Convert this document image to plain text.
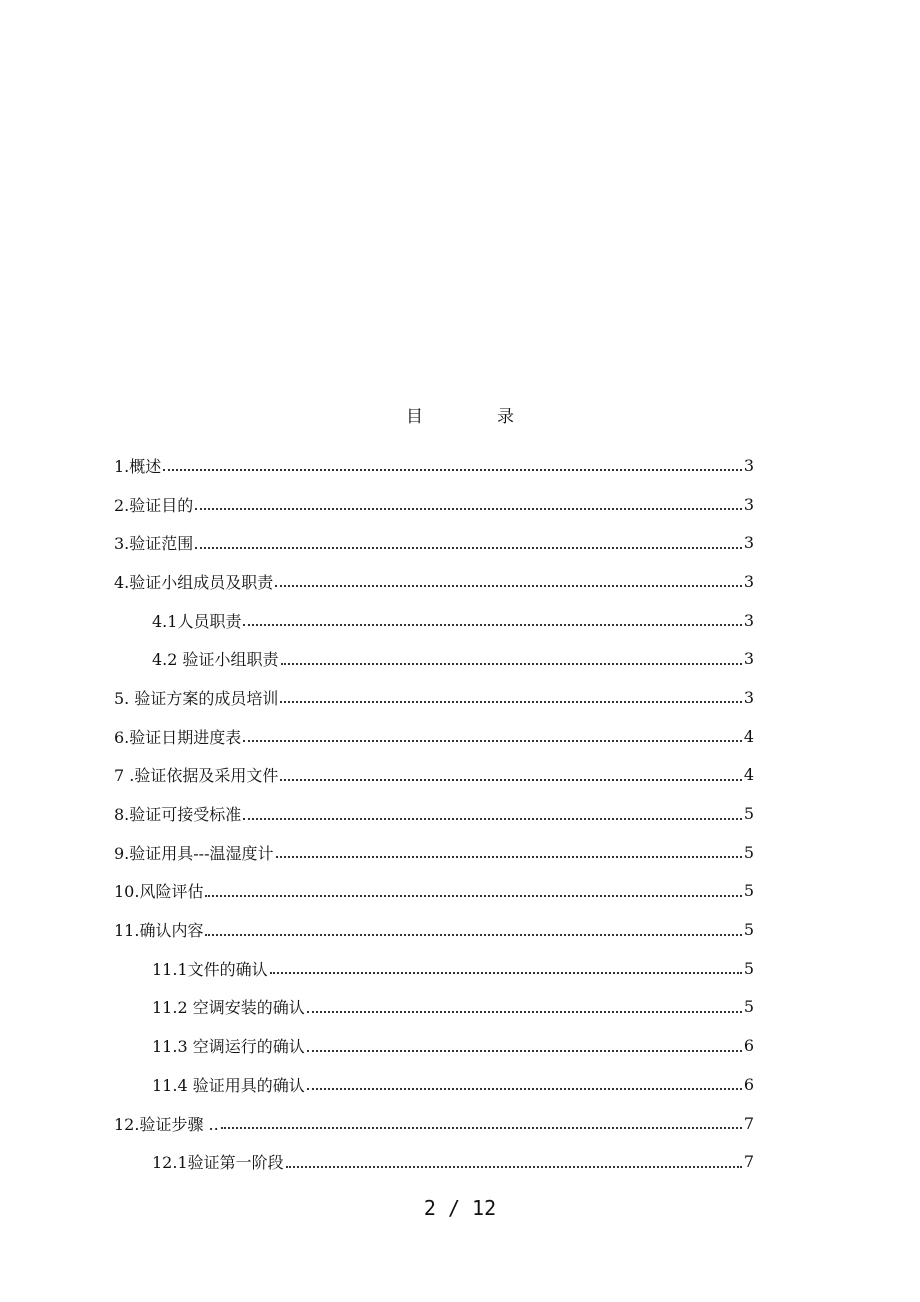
目	录
1.概述	3
2.验证目的	3
3.验证范围	3
4.验证小组成员及职责	3
4.1人员职责	3
4.2 验证小组职责	3
5. 验证方案的成员培训	3
6.验证日期进度表	4
7 .验证依据及采用文件	4
8.验证可接受标准	5
9.验证用具---温湿度计	5
10.风险评估	5
11.确认内容	5
11.1文件的确认	5
11.2 空调安装的确认	5
11.3 空调运行的确认	6
11.4 验证用具的确认	6
12.验证步骤 ..	7
12.1验证第一阶段	7
2 / 12
